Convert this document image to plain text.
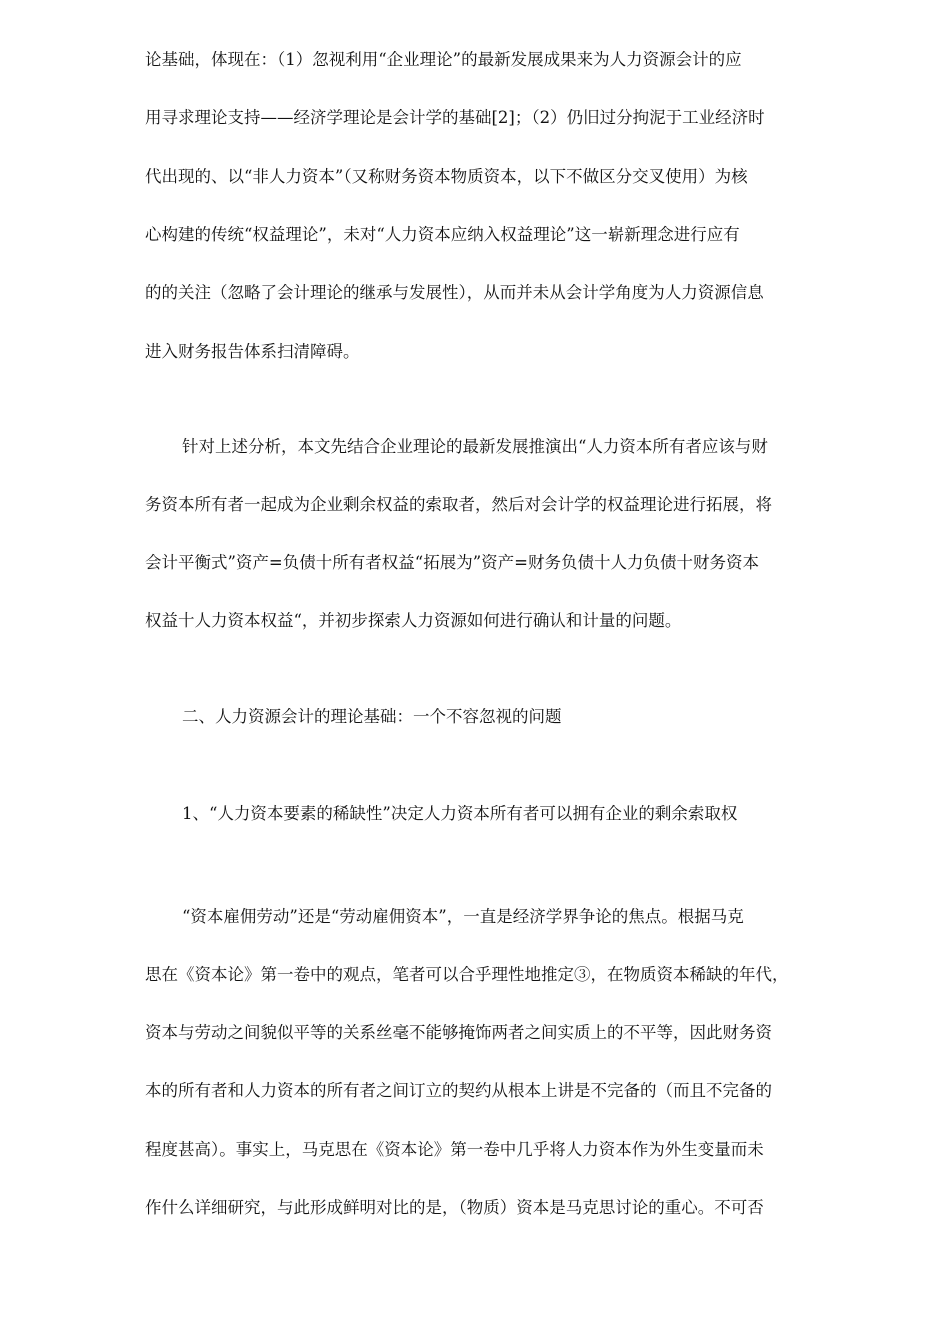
论基础，体现在：（1）忽视利用“企业理论”的最新发展成果来为人力资源会计的应
用寻求理论支持——经济学理论是会计学的基础[2]；（2）仍旧过分拘泥于工业经济时
代出现的、以“非人力资本”（又称财务资本物质资本，以下不做区分交叉使用）为核
心构建的传统“权益理论”，未对“人力资本应纳入权益理论”这一崭新理念进行应有
的的关注（忽略了会计理论的继承与发展性），从而并未从会计学角度为人力资源信息
进入财务报告体系扫清障碍。
针对上述分析，本文先结合企业理论的最新发展推演出“人力资本所有者应该与财
务资本所有者一起成为企业剩余权益的索取者，然后对会计学的权益理论进行拓展，将
会计平衡式”资产=负债十所有者权益“拓展为”资产=财务负债十人力负债十财务资本
权益十人力资本权益“，并初步探索人力资源如何进行确认和计量的问题。
二、人力资源会计的理论基础：一个不容忽视的问题
1、“人力资本要素的稀缺性”决定人力资本所有者可以拥有企业的剩余索取权
“资本雇佣劳动”还是“劳动雇佣资本”，一直是经济学界争论的焦点。根据马克
思在《资本论》第一卷中的观点，笔者可以合乎理性地推定③，在物质资本稀缺的年代，
资本与劳动之间貌似平等的关系丝毫不能够掩饰两者之间实质上的不平等，因此财务资
本的所有者和人力资本的所有者之间订立的契约从根本上讲是不完备的（而且不完备的
程度甚高）。事实上，马克思在《资本论》第一卷中几乎将人力资本作为外生变量而未
作什么详细研究，与此形成鲜明对比的是，（物质）资本是马克思讨论的重心。不可否
